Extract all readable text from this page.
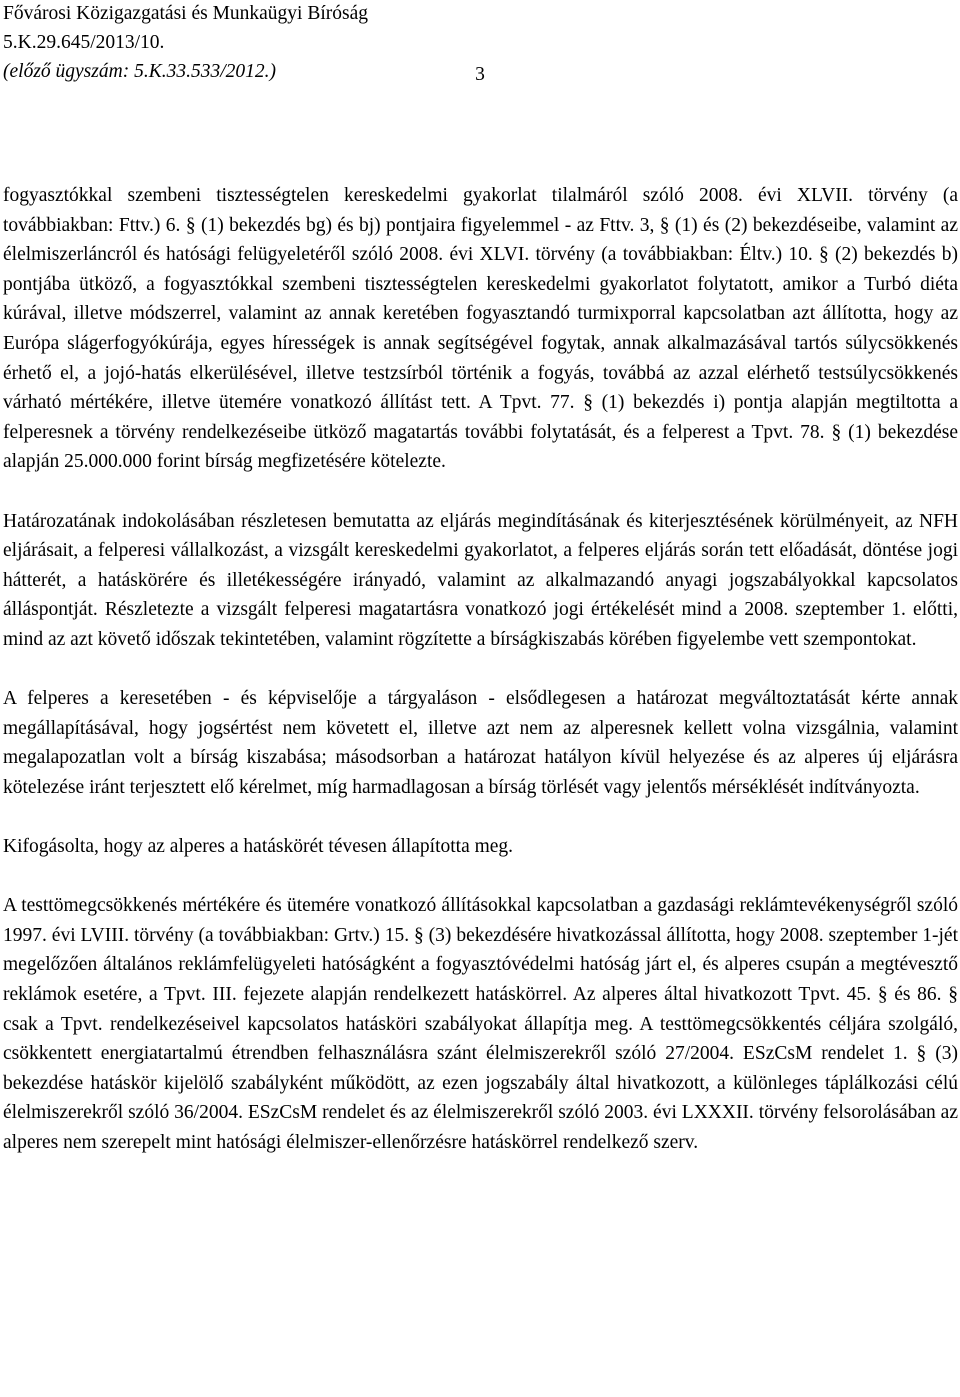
Fővárosi Közigazgatási és Munkaügyi Bíróság
5.K.29.645/2013/10.
(előző ügyszám: 5.K.33.533/2012.)	3

fogyasztókkal szembeni tisztességtelen kereskedelmi gyakorlat tilalmáról szóló 2008. évi XLVII. törvény (a továbbiakban: Fttv.) 6. § (1) bekezdés bg) és bj) pontjaira figyelemmel - az Fttv. 3, § (1) és (2) bekezdéseibe, valamint az élelmiszerláncról és hatósági felügyeletéről szóló 2008. évi XLVI. törvény (a továbbiakban: Éltv.) 10. § (2) bekezdés b) pontjába ütköző, a fogyasztókkal szembeni tisztességtelen kereskedelmi gyakorlatot folytatott, amikor a Turbó diéta kúrával, illetve módszerrel, valamint az annak keretében fogyasztandó turmixporral kapcsolatban azt állította, hogy az Európa slágerfogyókúrája, egyes hírességek is annak segítségével fogytak, annak alkalmazásával tartós súlycsökkenés érhető el, a jojó-hatás elkerülésével, illetve testzsírból történik a fogyás, továbbá az azzal elérhető testsúlycsökkenés várható mértékére, illetve ütemére vonatkozó állítást tett. A Tpvt. 77. § (1) bekezdés i) pontja alapján megtiltotta a felperesnek a törvény rendelkezéseibe ütköző magatartás további folytatását, és a felperest a Tpvt. 78. § (1) bekezdése alapján 25.000.000 forint bírság megfizetésére kötelezte.

Határozatának indokolásában részletesen bemutatta az eljárás megindításának és kiterjesztésének körülményeit, az NFH eljárásait, a felperesi vállalkozást, a vizsgált kereskedelmi gyakorlatot, a felperes eljárás során tett előadását, döntése jogi hátterét, a hatáskörére és illetékességére irányadó, valamint az alkalmazandó anyagi jogszabályokkal kapcsolatos álláspontját. Részletezte a vizsgált felperesi magatartásra vonatkozó jogi értékelését mind a 2008. szeptember 1. előtti, mind az azt követő időszak tekintetében, valamint rögzítette a bírságkiszabás körében figyelembe vett szempontokat.

A felperes a keresetében - és képviselője a tárgyaláson - elsődlegesen a határozat megváltoztatását kérte annak megállapításával, hogy jogsértést nem követett el, illetve azt nem az alperesnek kellett volna vizsgálnia, valamint megalapozatlan volt a bírság kiszabása; másodsorban a határozat hatályon kívül helyezése és az alperes új eljárásra kötelezése iránt terjesztett elő kérelmet, míg harmadlagosan a bírság törlését vagy jelentős mérséklését indítványozta.

Kifogásolta, hogy az alperes a hatáskörét tévesen állapította meg.

A testtömegcsökkenés mértékére és ütemére vonatkozó állításokkal kapcsolatban a gazdasági reklámtevékenységről szóló 1997. évi LVIII. törvény (a továbbiakban: Grtv.) 15. § (3) bekezdésére hivatkozással állította, hogy 2008. szeptember 1-jét megelőzően általános reklámfelügyeleti hatóságként a fogyasztóvédelmi hatóság járt el, és alperes csupán a megtévesztő reklámok esetére, a Tpvt. III. fejezete alapján rendelkezett hatáskörrel. Az alperes által hivatkozott Tpvt. 45. § és 86. § csak a Tpvt. rendelkezéseivel kapcsolatos hatásköri szabályokat állapítja meg. A testtömegcsökkentés céljára szolgáló, csökkentett energiatartalmú étrendben felhasználásra szánt élelmiszerekről szóló 27/2004. ESzCsM rendelet 1. § (3) bekezdése hatáskör kijelölő szabályként működött, az ezen jogszabály által hivatkozott, a különleges táplálkozási célú élelmiszerekről szóló 36/2004. ESzCsM rendelet és az élelmiszerekről szóló 2003. évi LXXXII. törvény felsorolásában az alperes nem szerepelt mint hatósági élelmiszer-ellenőrzésre hatáskörrel rendelkező szerv.
